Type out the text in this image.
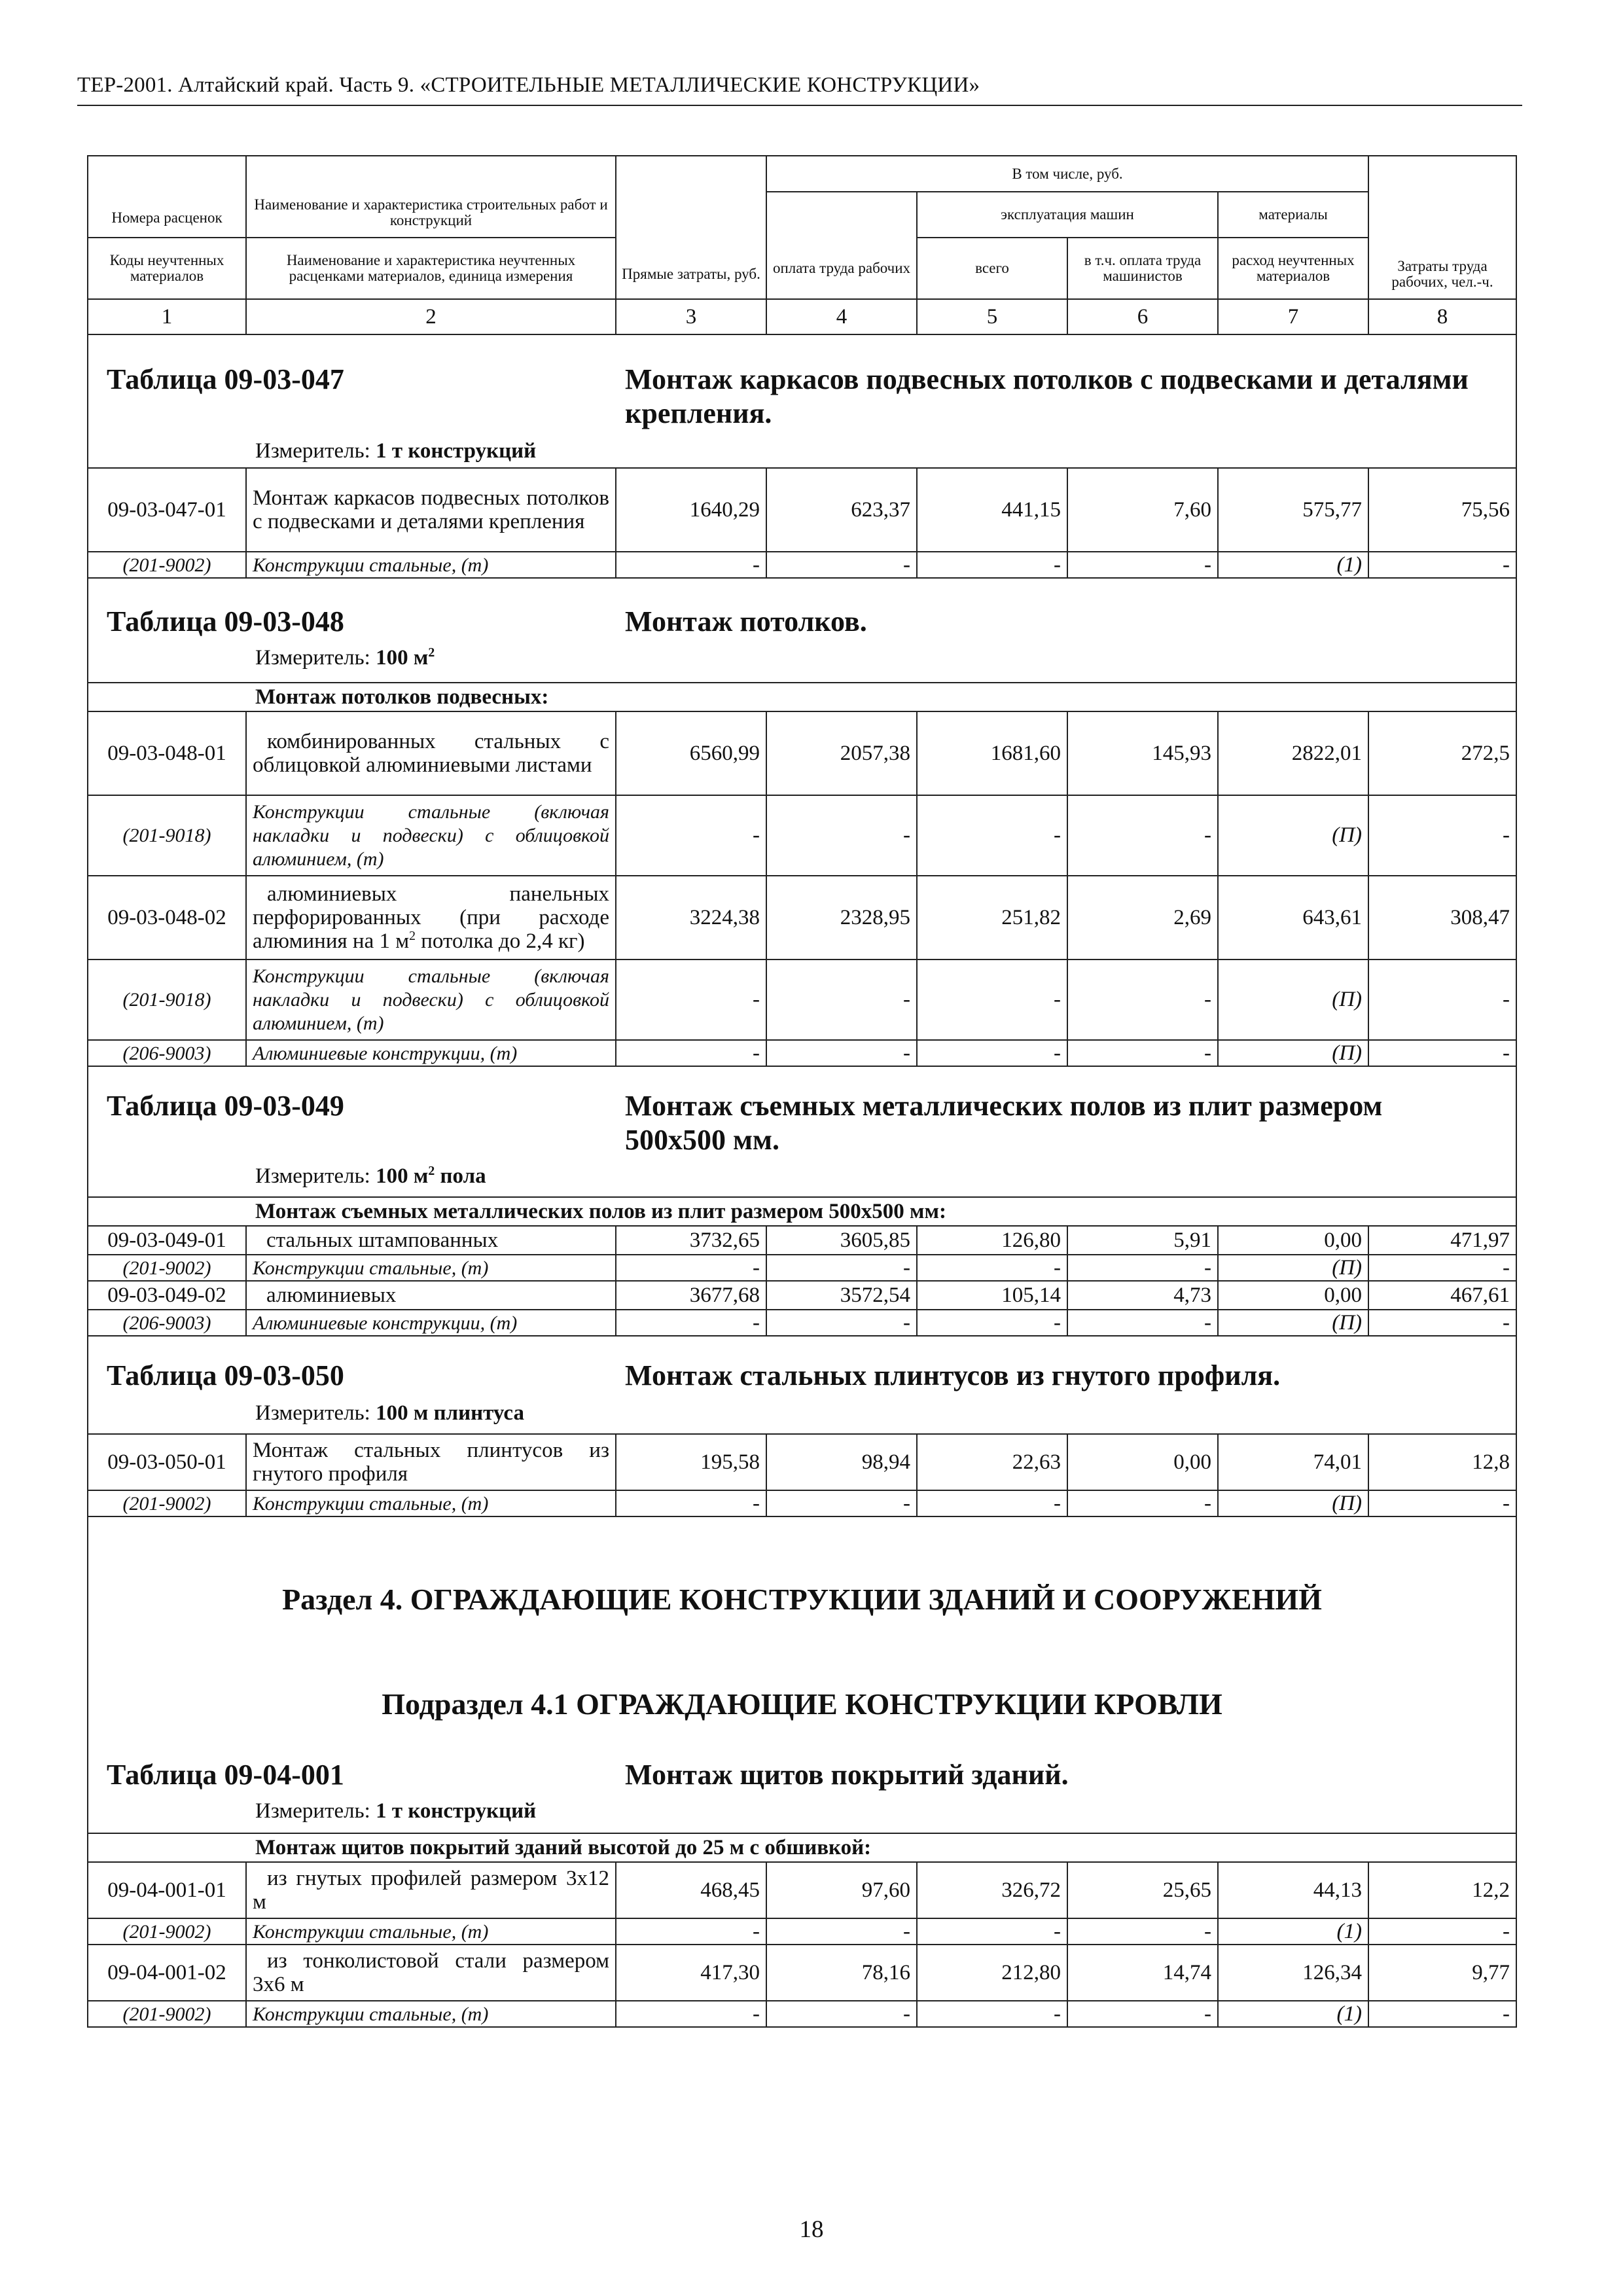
ТЕР-2001. Алтайский край. Часть 9. «СТРОИТЕЛЬНЫЕ МЕТАЛЛИЧЕСКИЕ КОНСТРУКЦИИ»
		Прямые затраты, руб.	В том числе, руб.				Затраты труда рабочих, чел.-ч.
Номера расценок	Наименование и характеристика строительных работ и конструкций			эксплуатация машин		материалы	
Коды неучтенных материалов	Наименование и характеристика неучтенных расценками материалов, единица измерения		оплата труда рабочих	всего	в т.ч. оплата труда машинистов	расход неучтенных материалов	
1	2	3	4	5	6	7	8

Таблица 09-03-047 Монтаж каркасов подвесных потолков с подвесками и деталями крепления.
Измеритель: 1 т конструкций							

09-03-047-01	Монтаж каркасов подвесных потолков с подвесками и деталями крепления	1640,29	623,37	441,15	7,60	575,77	75,56
(201-9002)	Конструкции стальные, (т)	-	-	-	-	(1)	-

Таблица 09-03-048 Монтаж потолков.
Измеритель: 100 $м^2$

Монтаж потолков подвесных:							
09-03-048-01	комбинированных стальных с облицовкой алюминиевыми листами	6560,99	2057,38	1681,60	145,93	2822,01	272,5
(201-9018)	Конструкции стальные (включая накладки и подвески) с облицовкой алюминием, (т)	-	-	-	-	(П)	-
09-03-048-02	алюминиевых панельных перфорированных (при расходе алюминия на 1 $м^2$ потолка до 2,4 кг)	3224,38	2328,95	251,82	2,69	643,61	308,47
(201-9018)	Конструкции стальные (включая накладки и подвески) с облицовкой алюминием, (т)	-	-	-	-	(П)	-
(206-9003)	Алюминиевые конструкции, (т)	-	-	-	-	(П)	-

Таблица 09-03-049 Монтаж съемных металлических полов из плит размером 500х500 мм.
Измеритель: 100 $м^2$ пола							

Монтаж съемных металлических полов из плит размером 500х500 мм:							
09-03-049-01	стальных штампованных	3732,65	3605,85	126,80	5,91	0,00	471,97
(201-9002)	Конструкции стальные, (т)	-	-	-	-	(П)	-
09-03-049-02	алюминиевых	3677,68	3572,54	105,14	4,73	0,00	467,61
(206-9003)	Алюминиевые конструкции, (т)	-	-	-	-	(П)	-

Таблица 09-03-050 Монтаж стальных плинтусов из гнутого профиля.
Измеритель: 100 м плинтуса							

09-03-050-01	Монтаж стальных плинтусов из гнутого профиля	195,58	98,94	22,63	0,00	74,01	12,8
(201-9002)	Конструкции стальные, (т)	-	-	-	-	(П)	-

Раздел 4. ОГРАЖДАЮЩИЕ КОНСТРУКЦИИ ЗДАНИЙ И СООРУЖЕНИЙ
Подраздел 4.1 ОГРАЖДАЮЩИЕ КОНСТРУКЦИИ КРОВЛИ
Таблица 09-04-001 Монтаж щитов покрытий зданий.
Измеритель: 1 т конструкций							

Монтаж щитов покрытий зданий высотой до 25 м с обшивкой:							
09-04-001-01	из гнутых профилей размером 3х12 м	468,45	97,60	326,72	25,65	44,13	12,2
(201-9002)	Конструкции стальные, (т)	-	-	-	-	(1)	-
09-04-001-02	из тонколистовой стали размером 3х6 м	417,30	78,16	212,80	14,74	126,34	9,77
(201-9002)	Конструкции стальные, (т)	-	-	-	-	(1)	-
18
